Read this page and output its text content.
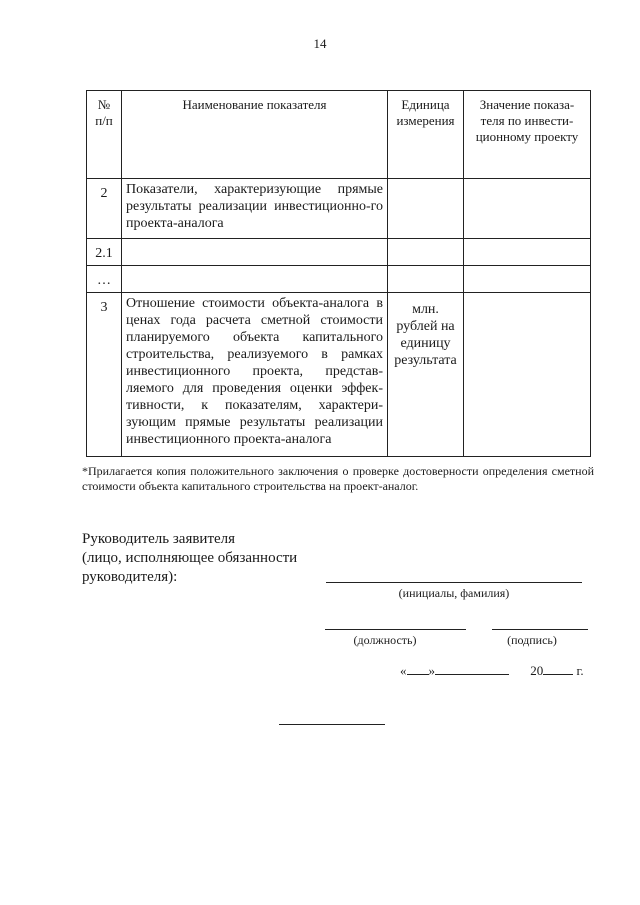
14
№ п/п	Наименование показателя	Единица измерения	Значение показа-теля по инвести-ционному проекту
2	Показатели, характеризующие прямые результаты реализации инвестиционно-го проекта-аналога		
2.1			
…			
3	Отношение стоимости объекта-аналога в ценах года расчета сметной стоимости планируемого объекта капитального строительства, реализуемого в рамках инвестиционного проекта, представ-ляемого для проведения оценки эффек-тивности, к показателям, характери-зующим прямые результаты реализации инвестиционного проекта-аналога	млн. рублей на единицу результата	
*Прилагается копия положительного заключения о проверке достоверности определения сметной стоимости объекта капитального строительства на проект-аналог.
Руководитель заявителя
(лицо, исполняющее обязанности
руководителя):
(инициалы, фамилия)
(должность)	(подпись)
« »	20	г.
